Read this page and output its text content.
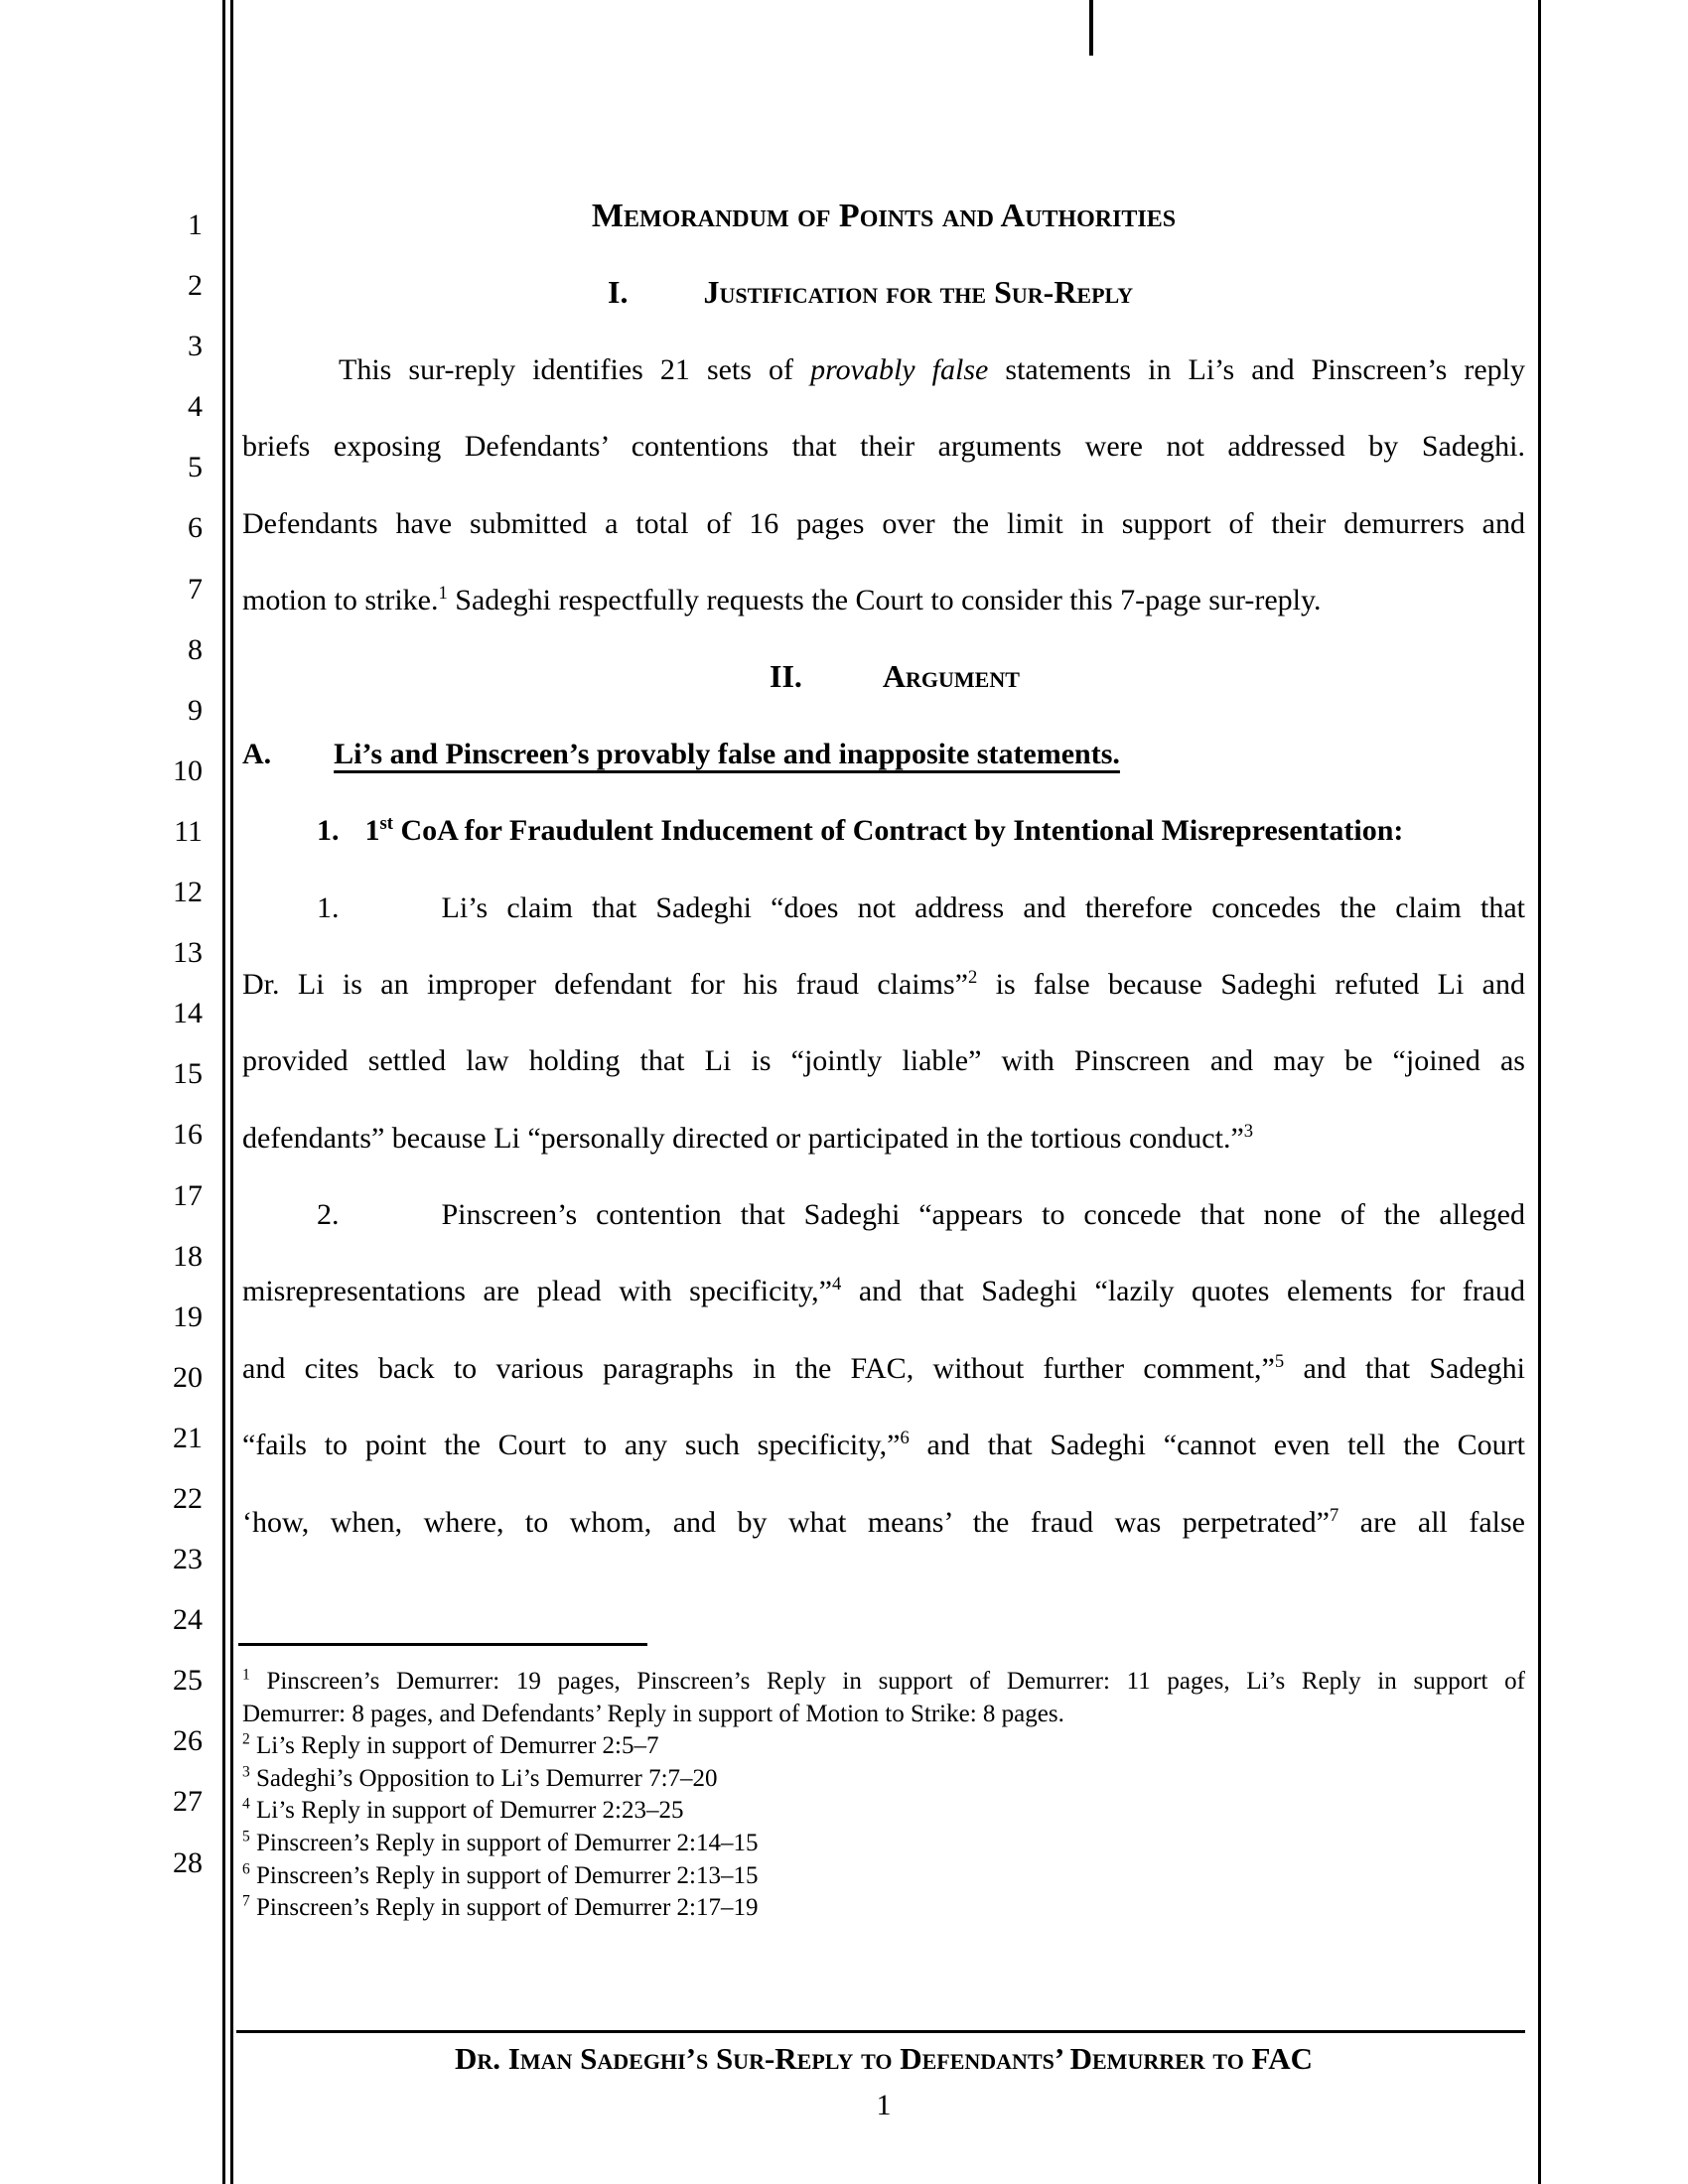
1
2
3
4
5
6
7
8
9
10
11
12
13
14
15
16
17
18
19
20
21
22
23
24
25
26
27
28
Memorandum of Points and Authorities
I. Justification for the Sur-Reply
This sur-reply identifies 21 sets of provably false statements in Li’s and Pinscreen’s reply
briefs exposing Defendants’ contentions that their arguments were not addressed by Sadeghi.
Defendants have submitted a total of 16 pages over the limit in support of their demurrers and
motion to strike.$^1$ Sadeghi respectfully requests the Court to consider this 7-page sur-reply.
II.	Argument
A. Li’s and Pinscreen’s provably false and inapposite statements.
1. 1st CoA for Fraudulent Inducement of Contract by Intentional Misrepresentation:
1.	Li’s claim that Sadeghi “does not address and therefore concedes the claim that
Dr. Li is an improper defendant for his fraud claims”$^2$ is false because Sadeghi refuted Li and
provided settled law holding that Li is “jointly liable” with Pinscreen and may be “joined as
defendants” because Li “personally directed or participated in the tortious conduct.”$^3$
2.	Pinscreen’s contention that Sadeghi “appears to concede that none of the alleged
misrepresentations are plead with specificity,”$^4$ and that Sadeghi “lazily quotes elements for fraud
and cites back to various paragraphs in the FAC, without further comment,”$^5$ and that Sadeghi
“fails to point the Court to any such specificity,”$^6$ and that Sadeghi “cannot even tell the Court
‘how, when, where, to whom, and by what means’ the fraud was perpetrated”$^7$ are all false
$^1$ Pinscreen’s Demurrer: 19 pages, Pinscreen’s Reply in support of Demurrer: 11 pages, Li’s Reply in support of
Demurrer: 8 pages, and Defendants’ Reply in support of Motion to Strike: 8 pages.
$^2$ Li’s Reply in support of Demurrer 2:5–7
$^3$ Sadeghi’s Opposition to Li’s Demurrer 7:7–20
$^4$ Li’s Reply in support of Demurrer 2:23–25
$^5$ Pinscreen’s Reply in support of Demurrer 2:14–15
$^6$ Pinscreen’s Reply in support of Demurrer 2:13–15
$^7$ Pinscreen’s Reply in support of Demurrer 2:17–19
Dr. Iman Sadeghi’s Sur-Reply to Defendants’ Demurrer to FAC
1
